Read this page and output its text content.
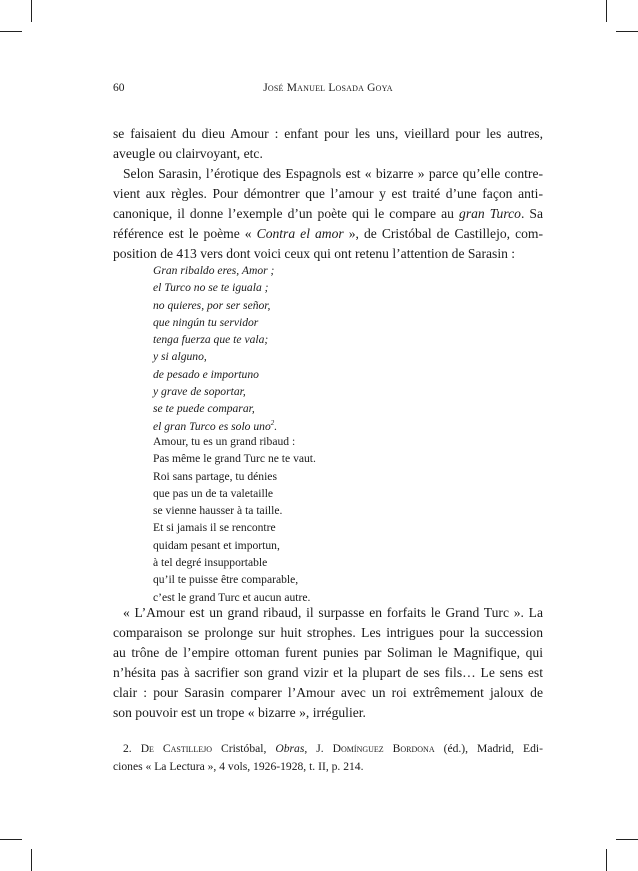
60	José Manuel Losada Goya

se faisaient du dieu Amour : enfant pour les uns, vieillard pour les autres,
aveugle ou clairvoyant, etc.

Selon Sarasin, l’érotique des Espagnols est « bizarre » parce qu’elle contre-
vient aux règles. Pour démontrer que l’amour y est traité d’une façon anti-
canonique, il donne l’exemple d’un poète qui le compare au gran Turco. Sa
référence est le poème « Contra el amor », de Cristóbal de Castillejo, com-
position de 413 vers dont voici ceux qui ont retenu l’attention de Sarasin :

Gran ribaldo eres, Amor ;
el Turco no se te iguala ;
no quieres, por ser señor,
que ningún tu servidor
tenga fuerza que te vala;
y si alguno,
de pesado e importuno
y grave de soportar,
se te puede comparar,
el gran Turco es solo uno$^2$.
Amour, tu es un grand ribaud :
Pas même le grand Turc ne te vaut.
Roi sans partage, tu dénies
que pas un de ta valetaille
se vienne hausser à ta taille.
Et si jamais il se rencontre
quidam pesant et importun,
à tel degré insupportable
qu’il te puisse être comparable,
c’est le grand Turc et aucun autre.

« L’Amour est un grand ribaud, il surpasse en forfaits le Grand Turc ». La
comparaison se prolonge sur huit strophes. Les intrigues pour la succession
au trône de l’empire ottoman furent punies par Soliman le Magnifique, qui
n’hésita pas à sacrifier son grand vizir et la plupart de ses fils… Le sens est
clair : pour Sarasin comparer l’Amour avec un roi extrêmement jaloux de
son pouvoir est un trope « bizarre », irrégulier.

2. De Castillejo Cristóbal, Obras, J. Domínguez Bordona (éd.), Madrid, Edi-
ciones « La Lectura », 4 vols, 1926-1928, t. II, p. 214.
